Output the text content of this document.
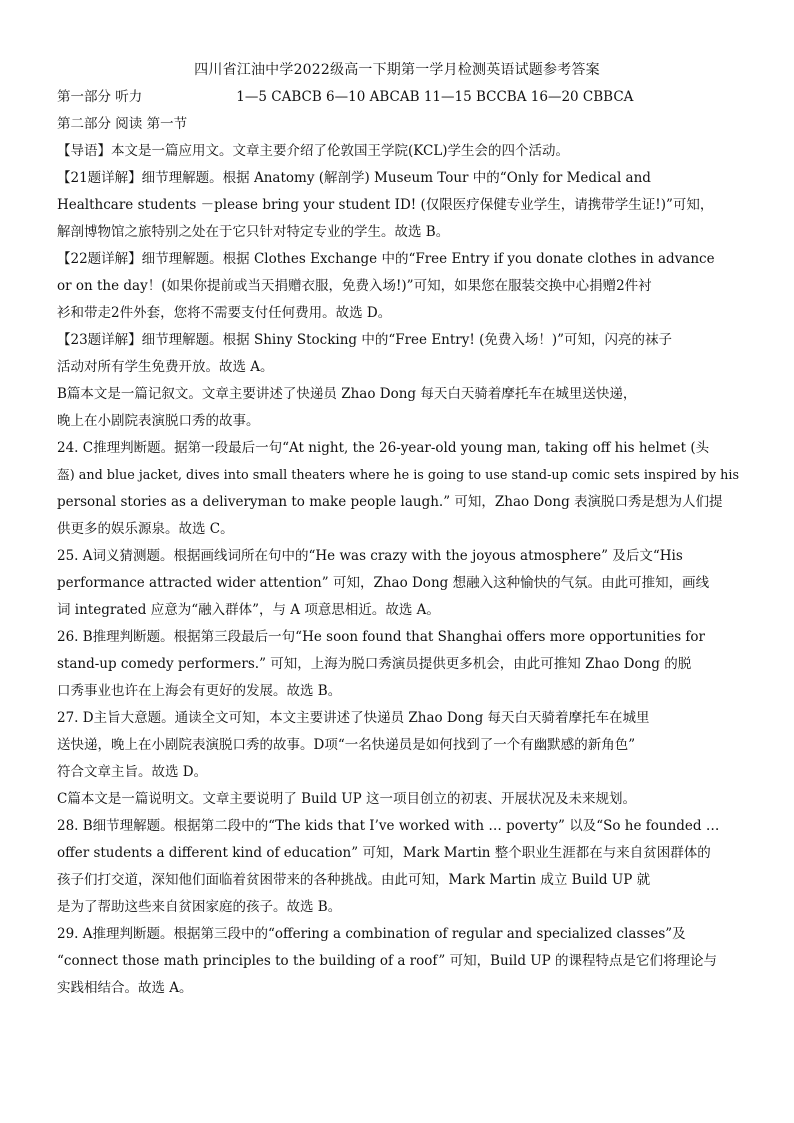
四川省江油中学2022级高一下期第一学月检测英语试题参考答案
第一部分 听力	1—5 CABCB 6—10 ABCAB 11—15 BCCBA 16—20 CBBCA
第二部分 阅读 第一节
【导语】本文是一篇应用文。文章主要介绍了伦敦国王学院(KCL)学生会的四个活动。
【21题详解】细节理解题。根据 Anatomy (解剖学) Museum Tour 中的“Only for Medical and
Healthcare students －please bring your student ID! (仅限医疗保健专业学生，请携带学生证!)”可知，
解剖博物馆之旅特别之处在于它只针对特定专业的学生。故选 B。
【22题详解】细节理解题。根据 Clothes Exchange 中的“Free Entry if you donate clothes in advance
or on the day！(如果你提前或当天捐赠衣服，免费入场!)”可知，如果您在服装交换中心捐赠2件衬
衫和带走2件外套，您将不需要支付任何费用。故选 D。
【23题详解】细节理解题。根据 Shiny Stocking 中的“Free Entry! (免费入场！)”可知，闪亮的袜子
活动对所有学生免费开放。故选 A。
B篇本文是一篇记叙文。文章主要讲述了快递员 Zhao Dong 每天白天骑着摩托车在城里送快递，
晚上在小剧院表演脱口秀的故事。
24. C推理判断题。据第一段最后一句“At night, the 26-year-old young man, taking off his helmet (头
盔) and blue jacket, dives into small theaters where he is going to use stand-up comic sets inspired by his
personal stories as a deliveryman to make people laugh.” 可知，Zhao Dong 表演脱口秀是想为人们提
供更多的娱乐源泉。故选 C。
25. A词义猜测题。根据画线词所在句中的“He was crazy with the joyous atmosphere” 及后文“His
performance attracted wider attention” 可知，Zhao Dong 想融入这种愉快的气氛。由此可推知，画线
词 integrated 应意为“融入群体”，与 A 项意思相近。故选 A。
26. B推理判断题。根据第三段最后一句“He soon found that Shanghai offers more opportunities for
stand-up comedy performers.” 可知，上海为脱口秀演员提供更多机会，由此可推知 Zhao Dong 的脱
口秀事业也许在上海会有更好的发展。故选 B。
27. D主旨大意题。通读全文可知，本文主要讲述了快递员 Zhao Dong 每天白天骑着摩托车在城里
送快递，晚上在小剧院表演脱口秀的故事。D项“一名快递员是如何找到了一个有幽默感的新角色”
符合文章主旨。故选 D。
C篇本文是一篇说明文。文章主要说明了 Build UP 这一项目创立的初衷、开展状况及未来规划。
28. B细节理解题。根据第二段中的“The kids that I’ve worked with … poverty” 以及“So he founded …
offer students a different kind of education” 可知，Mark Martin 整个职业生涯都在与来自贫困群体的
孩子们打交道，深知他们面临着贫困带来的各种挑战。由此可知，Mark Martin 成立 Build UP 就
是为了帮助这些来自贫困家庭的孩子。故选 B。
29. A推理判断题。根据第三段中的“offering a combination of regular and specialized classes”及
“connect those math principles to the building of a roof” 可知，Build UP 的课程特点是它们将理论与
实践相结合。故选 A。
